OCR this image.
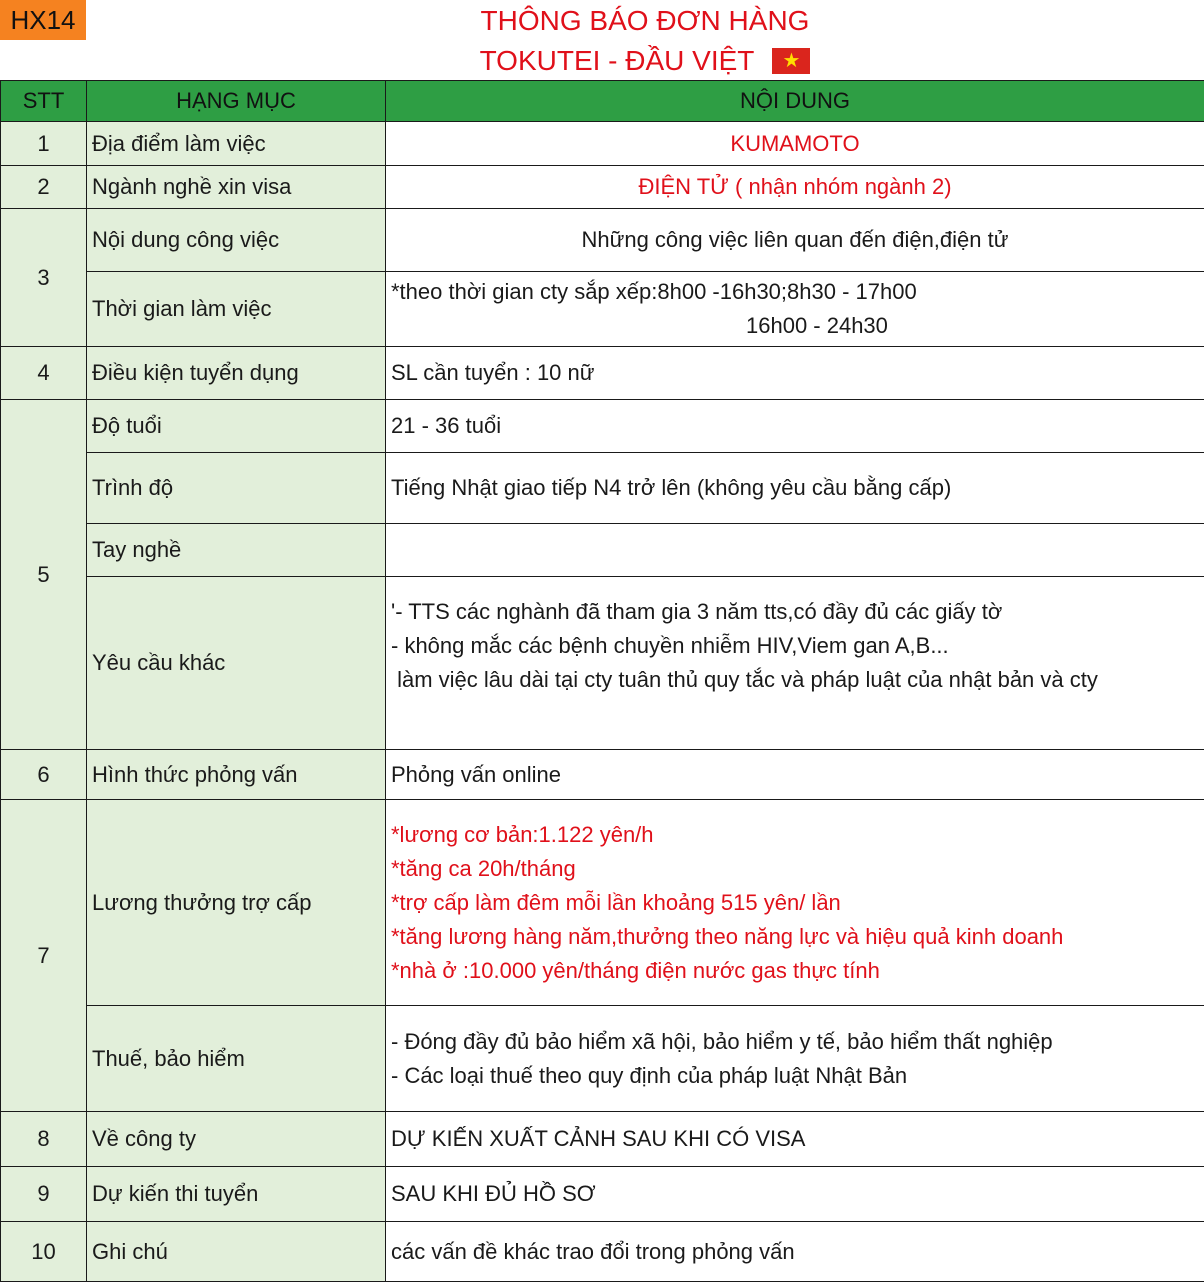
HX14	THÔNG BÁO ĐƠN HÀNG
TOKUTEI - ĐẦU VIỆT	★
STT	HẠNG MỤC	NỘI DUNG
1	Địa điểm làm việc	KUMAMOTO
2	Ngành nghề xin visa	ĐIỆN TỬ ( nhận nhóm ngành 2)
3	Nội dung công việc	Những công việc liên quan đến điện,điện tử
	Thời gian làm việc	*theo thời gian cty sắp xếp:8h00 -16h30;8h30 - 17h00
16h00 - 24h30

4	Điều kiện tuyển dụng	SL cần tuyển : 10 nữ
5	Độ tuổi	21 - 36 tuổi
	Trình độ	Tiếng Nhật giao tiếp N4 trở lên (không yêu cầu bằng cấp)
	Tay nghề	
	Yêu cầu khác	'- TTS các nghành đã tham gia 3 năm tts,có đầy đủ các giấy tờ
- không mắc các bệnh chuyền nhiễm HIV,Viem gan A,B...
làm việc lâu dài tại cty tuân thủ quy tắc và pháp luật của nhật bản và cty

6	Hình thức phỏng vấn	Phỏng vấn online
7	Lương thưởng trợ cấp	*lương cơ bản:1.122 yên/h
*tăng ca 20h/tháng
*trợ cấp làm đêm mỗi lần khoảng 515 yên/ lần
*tăng lương hàng năm,thưởng theo năng lực và hiệu quả kinh doanh
*nhà ở :10.000 yên/tháng điện nước gas thực tính

	Thuế, bảo hiểm	- Đóng đầy đủ bảo hiểm xã hội, bảo hiểm y tế, bảo hiểm thất nghiệp
- Các loại thuế theo quy định của pháp luật Nhật Bản

8	Về công ty	DỰ KIẾN XUẤT CẢNH SAU KHI CÓ VISA
9	Dự kiến thi tuyển	SAU KHI ĐỦ HỒ SƠ
10	Ghi chú	các vấn đề khác trao đổi trong phỏng vấn
